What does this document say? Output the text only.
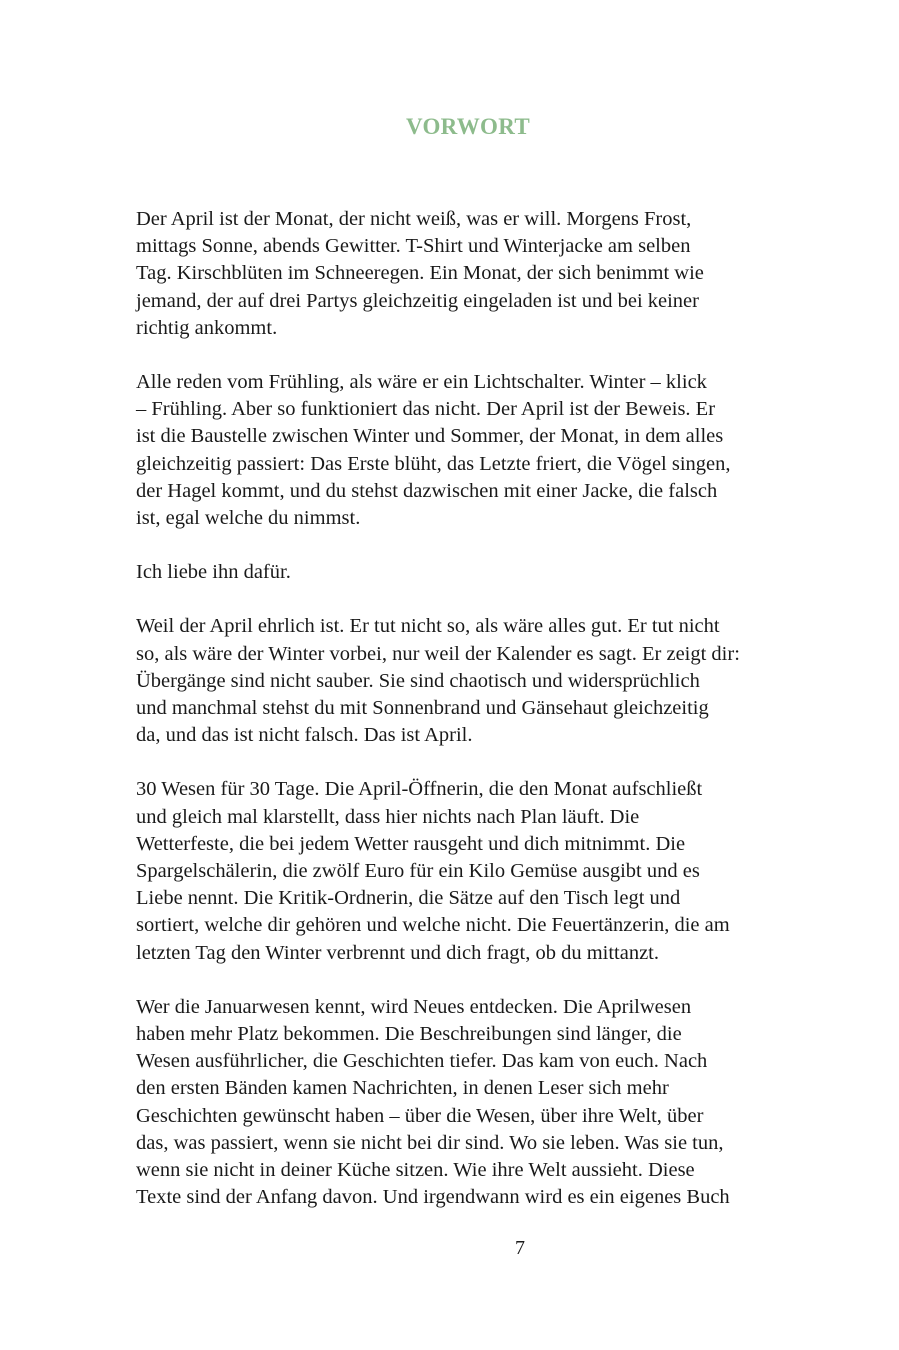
VORWORT

Der April ist der Monat, der nicht weiß, was er will. Morgens Frost,
mittags Sonne, abends Gewitter. T-Shirt und Winterjacke am selben
Tag. Kirschblüten im Schneeregen. Ein Monat, der sich benimmt wie
jemand, der auf drei Partys gleichzeitig eingeladen ist und bei keiner
richtig ankommt.

Alle reden vom Frühling, als wäre er ein Lichtschalter. Winter – klick
– Frühling. Aber so funktioniert das nicht. Der April ist der Beweis. Er
ist die Baustelle zwischen Winter und Sommer, der Monat, in dem alles
gleichzeitig passiert: Das Erste blüht, das Letzte friert, die Vögel singen,
der Hagel kommt, und du stehst dazwischen mit einer Jacke, die falsch
ist, egal welche du nimmst.

Ich liebe ihn dafür.

Weil der April ehrlich ist. Er tut nicht so, als wäre alles gut. Er tut nicht
so, als wäre der Winter vorbei, nur weil der Kalender es sagt. Er zeigt dir:
Übergänge sind nicht sauber. Sie sind chaotisch und widersprüchlich
und manchmal stehst du mit Sonnenbrand und Gänsehaut gleichzeitig
da, und das ist nicht falsch. Das ist April.

30 Wesen für 30 Tage. Die April-Öffnerin, die den Monat aufschließt
und gleich mal klarstellt, dass hier nichts nach Plan läuft. Die
Wetterfeste, die bei jedem Wetter rausgeht und dich mitnimmt. Die
Spargelschälerin, die zwölf Euro für ein Kilo Gemüse ausgibt und es
Liebe nennt. Die Kritik-Ordnerin, die Sätze auf den Tisch legt und
sortiert, welche dir gehören und welche nicht. Die Feuertänzerin, die am
letzten Tag den Winter verbrennt und dich fragt, ob du mittanzt.

Wer die Januarwesen kennt, wird Neues entdecken. Die Aprilwesen
haben mehr Platz bekommen. Die Beschreibungen sind länger, die
Wesen ausführlicher, die Geschichten tiefer. Das kam von euch. Nach
den ersten Bänden kamen Nachrichten, in denen Leser sich mehr
Geschichten gewünscht haben – über die Wesen, über ihre Welt, über
das, was passiert, wenn sie nicht bei dir sind. Wo sie leben. Was sie tun,
wenn sie nicht in deiner Küche sitzen. Wie ihre Welt aussieht. Diese
Texte sind der Anfang davon. Und irgendwann wird es ein eigenes Buch

7
